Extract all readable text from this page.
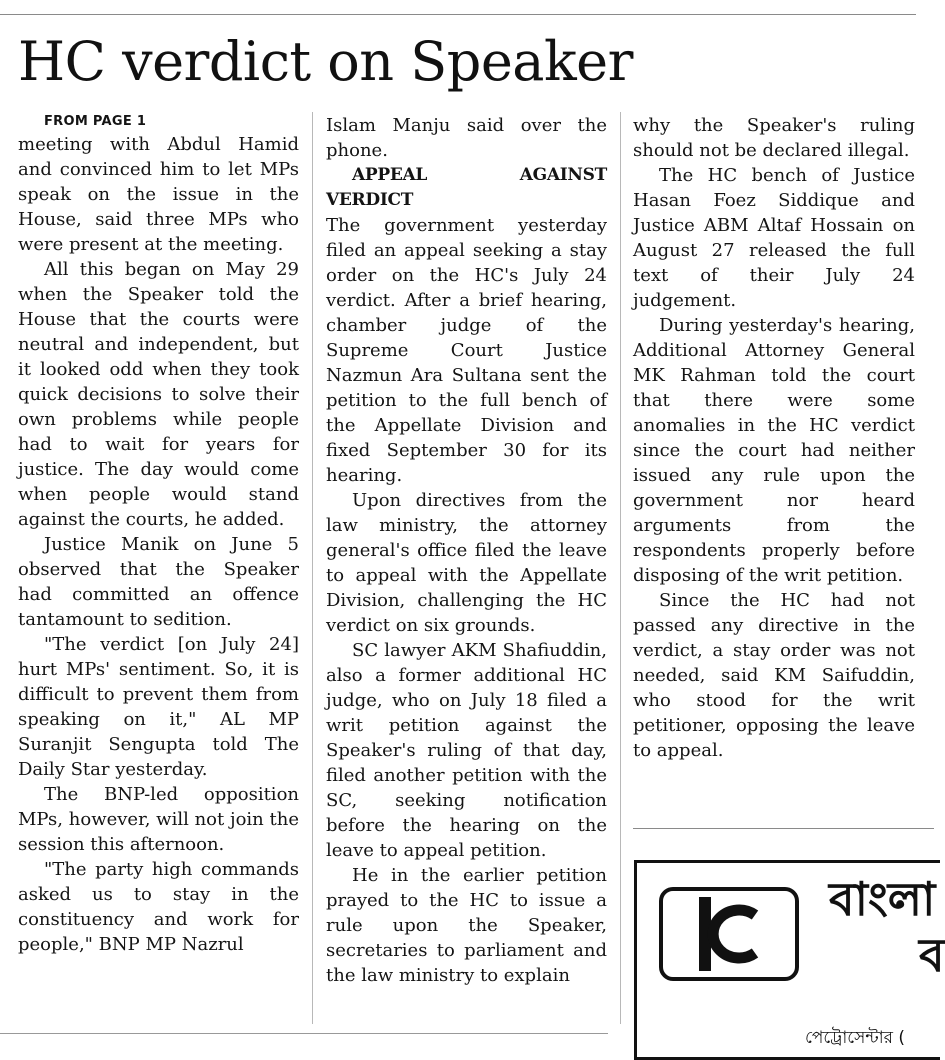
HC verdict on Speaker

FROM PAGE 1

meeting with Abdul Hamid and convinced him to let MPs speak on the issue in the House, said three MPs who were present at the meeting.

All this began on May 29 when the Speaker told the House that the courts were neutral and independent, but it looked odd when they took quick decisions to solve their own problems while people had to wait for years for justice. The day would come when people would stand against the courts, he added.

Justice Manik on June 5 observed that the Speaker had committed an offence tantamount to sedition.

"The verdict [on July 24] hurt MPs' sentiment. So, it is difficult to prevent them from speaking on it," AL MP Suranjit Sengupta told The Daily Star yesterday.

The BNP-led opposition MPs, however, will not join the session this afternoon.

"The party high commands asked us to stay in the constituency and work for people," BNP MP Nazrul

Islam Manju said over the phone.

APPEAL AGAINST VERDICT

The government yesterday filed an appeal seeking a stay order on the HC's July 24 verdict. After a brief hearing, chamber judge of the Supreme Court Justice Nazmun Ara Sultana sent the petition to the full bench of the Appellate Division and fixed September 30 for its hearing.

Upon directives from the law ministry, the attorney general's office filed the leave to appeal with the Appellate Division, challenging the HC verdict on six grounds.

SC lawyer AKM Shafiuddin, also a former additional HC judge, who on July 18 filed a writ petition against the Speaker's ruling of that day, filed another petition with the SC, seeking notification before the hearing on the leave to appeal petition.

He in the earlier petition prayed to the HC to issue a rule upon the Speaker, secretaries to parliament and the law ministry to explain

why the Speaker's ruling should not be declared illegal.

The HC bench of Justice Hasan Foez Siddique and Justice ABM Altaf Hossain on August 27 released the full text of their July 24 judgement.

During yesterday's hearing, Additional Attorney General MK Rahman told the court that there were some anomalies in the HC verdict since the court had neither issued any rule upon the government nor heard arguments from the respondents properly before disposing of the writ petition.

Since the HC had not passed any directive in the verdict, a stay order was not needed, said KM Saifuddin, who stood for the writ petitioner, opposing the leave to appeal.

বাংলা
ব
পেট্রোসেন্টার (
